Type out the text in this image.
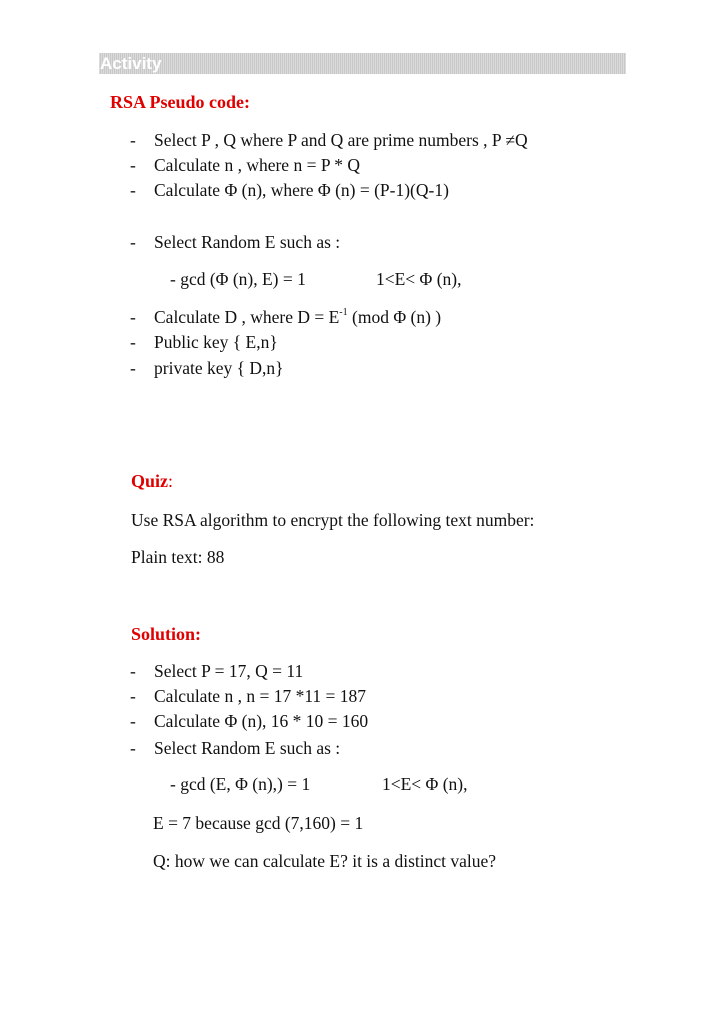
Activity
RSA Pseudo code:
- Select P , Q where P and Q are prime numbers , P ≠Q
- Calculate n , where n = P * Q
- Calculate Φ (n), where Φ (n) = (P-1)(Q-1)
- Select Random E such as :
- gcd (Φ (n), E) = 1	1<E< Φ (n),
- Calculate D , where $D = E^{-1}$ (mod Φ (n) )
- Public key { E,n}
- private key { D,n}
Quiz:
Use RSA algorithm to encrypt the following text number:
Plain text: 88
Solution:
- Select P = 17, Q = 11
- Calculate n , n = 17 *11 = 187
- Calculate Φ (n), 16 * 10 = 160
- Select Random E such as :
- gcd (E, Φ (n),) = 1	1<E< Φ (n),
E = 7 because gcd (7,160) = 1
Q: how we can calculate E? it is a distinct value?
